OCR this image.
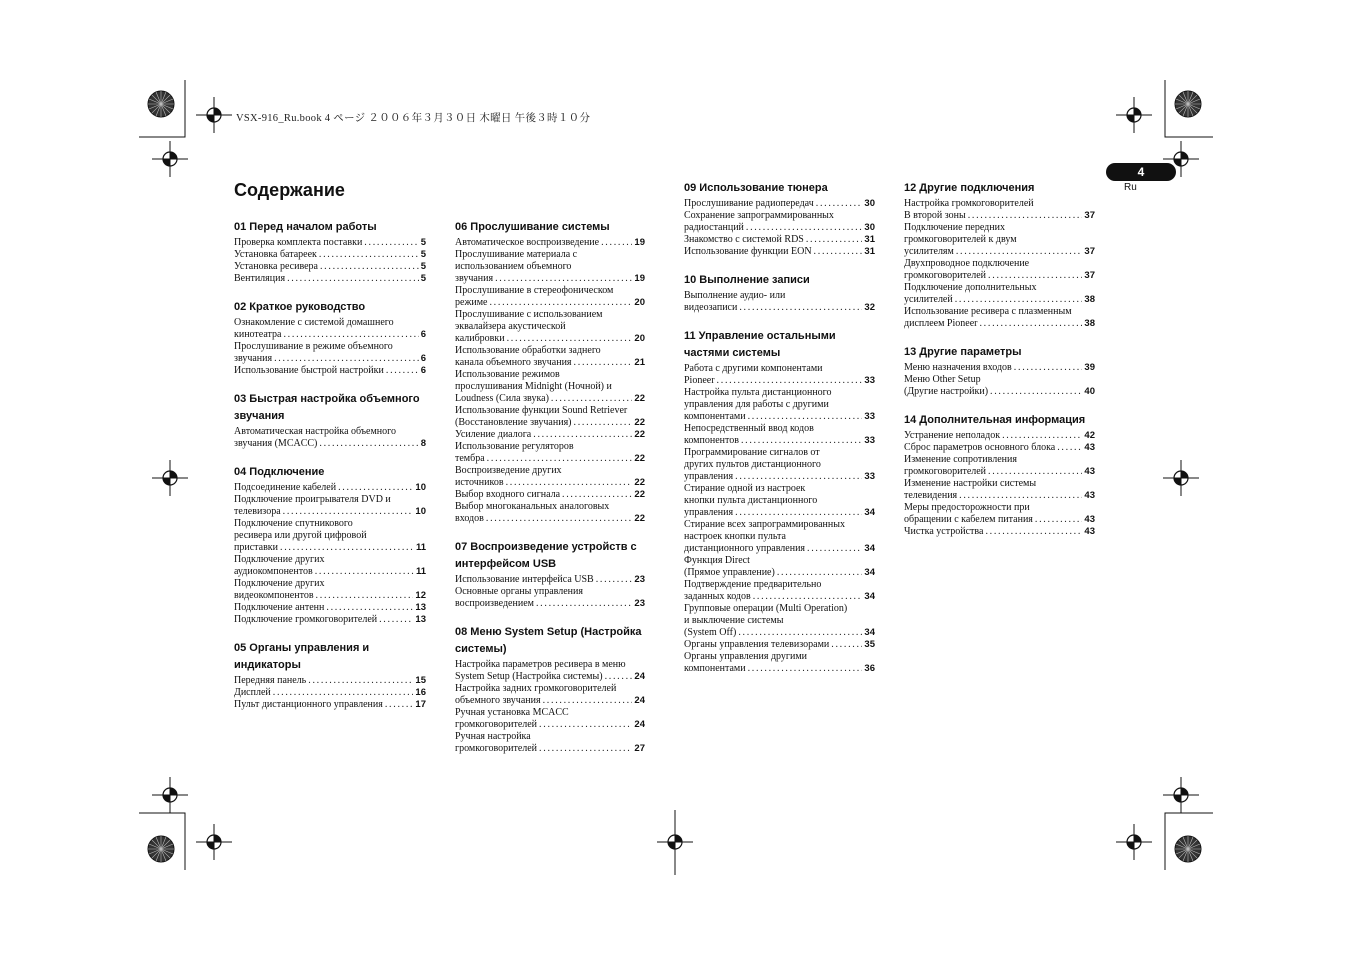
VSX-916_Ru.book 4 ページ ２００６年３月３０日 木曜日 午後３時１０分
4
Ru
Содержание
01 Перед началом работы
Проверка комплекта поставки . . .	5
Установка батареек . . .	5
Установка ресивера . . .	5
Вентиляция . . .	5
02 Краткое руководство
Ознакомление с системой домашнего
кинотеатра . . .	6
Прослушивание в режиме объемного
звучания . . .	6
Использование быстрой настройки . . .	6
03 Быстрая настройка объемного звучания
Автоматическая настройка объемного
звучания (MCACC) . . .	8
04 Подключение
Подсоединение кабелей . . .	10
Подключение проигрывателя DVD и
телевизора . . .	10
Подключение спутникового
ресивера или другой цифровой
приставки . . .	11
Подключение других
аудиокомпонентов . . .	11
Подключение других
видеокомпонентов . . .	12
Подключение антенн . . .	13
Подключение громкоговорителей . . .	13
05 Органы управления и индикаторы
Передняя панель . . .	15
Дисплей . . .	16
Пульт дистанционного управления . . .	17
06 Прослушивание системы
Автоматическое воспроизведение . . .	19
Прослушивание материала с
использованием объемного
звучания . . .	19
Прослушивание в стереофоническом
режиме . . .	20
Прослушивание с использованием
эквалайзера акустической
калибровки . . .	20
Использование обработки заднего
канала объемного звучания . . .	21
Использование режимов
прослушивания Midnight (Ночной) и
Loudness (Сила звука) . . .	22
Использование функции Sound Retriever
(Восстановление звучания) . . .	22
Усиление диалога . . .	22
Использование регуляторов
тембра . . .	22
Воспроизведение других
источников . . .	22
Выбор входного сигнала . . .	22
Выбор многоканальных аналоговых
входов . . .	22
07 Воспроизведение устройств с интерфейсом USB
Использование интерфейса USB . . .	23
Основные органы управления
воспроизведением . . .	23
08 Меню System Setup (Настройка системы)
Настройка параметров ресивера в меню
System Setup (Настройка системы) . . .	24
Настройка задних громкоговорителей
объемного звучания . . .	24
Ручная установка MCACC
громкоговорителей . . .	24
Ручная настройка
громкоговорителей . . .	27
09 Использование тюнера
Прослушивание радиопередач . . .	30
Сохранение запрограммированных
радиостанций . . .	30
Знакомство с системой RDS . . .	31
Использование функции EON . . .	31
10 Выполнение записи
Выполнение аудио- или
видеозаписи . . .	32
11 Управление остальными частями системы
Работа с другими компонентами
Pioneer . . .	33
Настройка пульта дистанционного
управления для работы с другими
компонентами . . .	33
Непосредственный ввод кодов
компонентов . . .	33
Программирование сигналов от
других пультов дистанционного
управления . . .	33
Стирание одной из настроек
кнопки пульта дистанционного
управления . . .	34
Стирание всех запрограммированных
настроек кнопки пульта
дистанционного управления . . .	34
Функция Direct
(Прямое управление) . . .	34
Подтверждение предварительно
заданных кодов . . .	34
Групповые операции (Multi Operation)
и выключение системы
(System Off) . . .	34
Органы управления телевизорами . . .	35
Органы управления другими
компонентами . . .	36
12 Другие подключения
Настройка громкоговорителей
В второй зоны . . .	37
Подключение передних
громкоговорителей к двум
усилителям . . .	37
Двухпроводное подключение
громкоговорителей . . .	37
Подключение дополнительных
усилителей . . .	38
Использование ресивера с плазменным
дисплеем Pioneer . . .	38
13 Другие параметры
Меню назначения входов . . .	39
Меню Other Setup
(Другие настройки) . . .	40
14 Дополнительная информация
Устранение неполадок . . .	42
Сброс параметров основного блока . . .	43
Изменение сопротивления
громкоговорителей . . .	43
Изменение настройки системы
телевидения . . .	43
Меры предосторожности при
обращении с кабелем питания . . .	43
Чистка устройства . . .	43
